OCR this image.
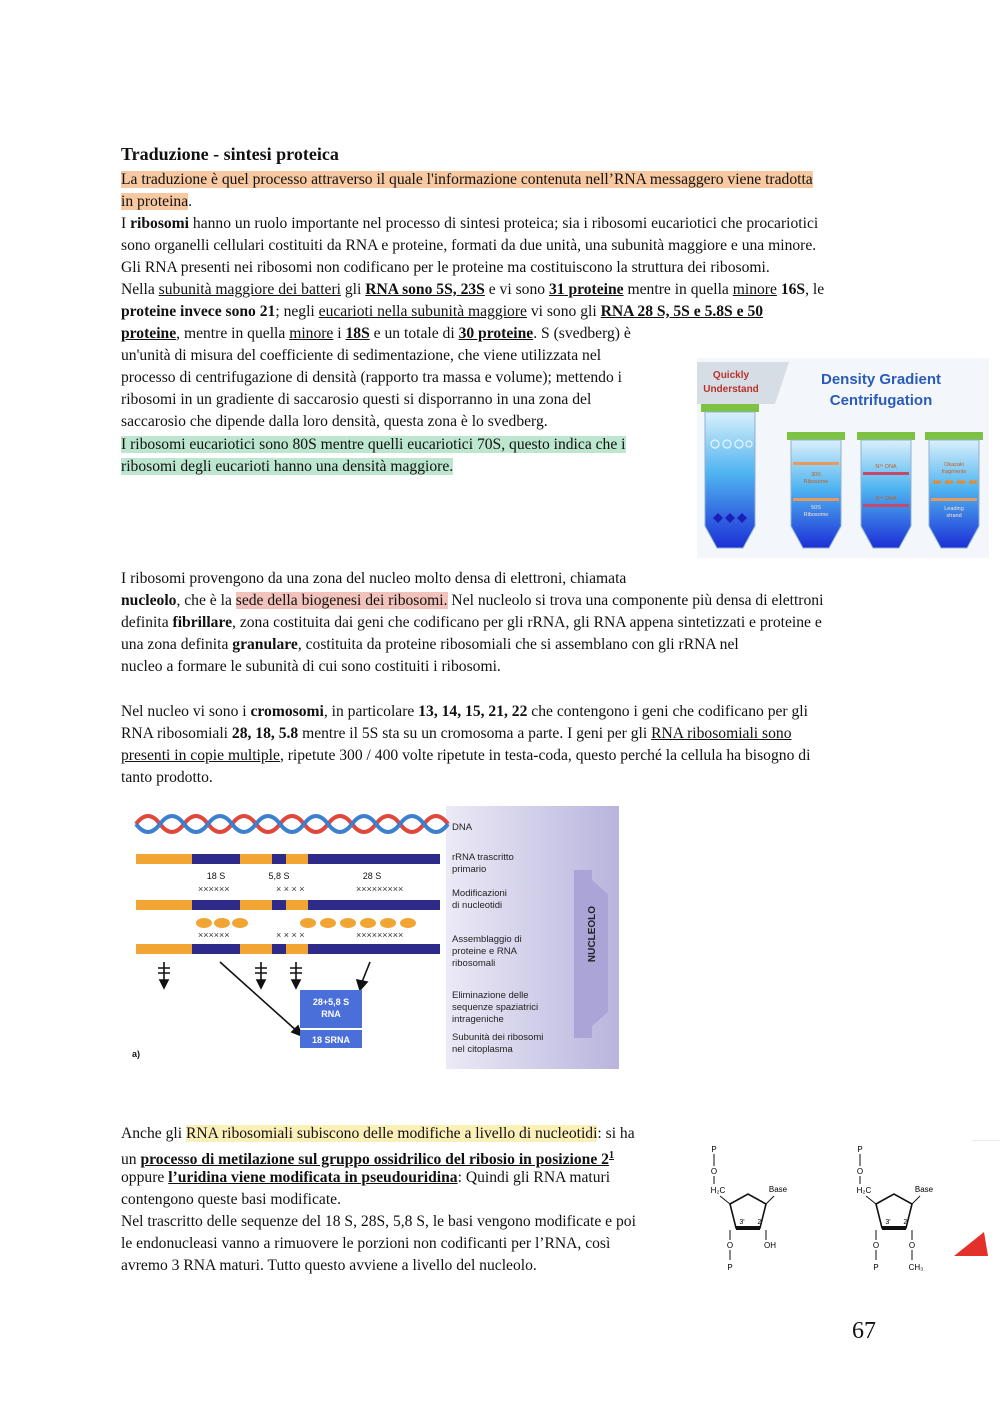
Traduzione - sintesi proteica
La traduzione è quel processo attraverso il quale l'informazione contenuta nell’RNA messaggero viene tradotta
in proteina.
I ribosomi hanno un ruolo importante nel processo di sintesi proteica; sia i ribosomi eucariotici che procariotici
sono organelli cellulari costituiti da RNA e proteine, formati da due unità, una subunità maggiore e una minore.
Gli RNA presenti nei ribosomi non codificano per le proteine ma costituiscono la struttura dei ribosomi.
Nella subunità maggiore dei batteri gli RNA sono 5S, 23S e vi sono 31 proteine mentre in quella minore 16S, le
proteine invece sono 21; negli eucarioti nella subunità maggiore vi sono gli RNA 28 S, 5S e 5.8S e 50
proteine, mentre in quella minore i 18S e un totale di 30 proteine. S (svedberg) è
un'unità di misura del coefficiente di sedimentazione, che viene utilizzata nel
processo di centrifugazione di densità (rapporto tra massa e volume); mettendo i
ribosomi in un gradiente di saccarosio questi si disporranno in una zona del
saccarosio che dipende dalla loro densità, questa zona è lo svedberg.
I ribosomi eucariotici sono 80S mentre quelli eucariotici 70S, questo indica che i
ribosomi degli eucarioti hanno una densità maggiore.
Quickly
Understand
Density Gradient
Centrifugation
30S
Ribosome
50S
Ribosome
N¹⁵ DNA
N¹⁴ DNA
Okazaki
fragments
Leading
strand
I ribosomi provengono da una zona del nucleo molto densa di elettroni, chiamata
nucleolo, che è la sede della biogenesi dei ribosomi. Nel nucleolo si trova una componente più densa di elettroni
definita fibrillare, zona costituita dai geni che codificano per gli rRNA, gli RNA appena sintetizzati e proteine e
una zona definita granulare, costituita da proteine ribosomiali che si assemblano con gli rRNA nel
nucleo a formare le subunità di cui sono costituiti i ribosomi.
Nel nucleo vi sono i cromosomi, in particolare 13, 14, 15, 21, 22 che contengono i geni che codificano per gli
RNA ribosomiali 28, 18, 5.8 mentre il 5S sta su un cromosoma a parte. I geni per gli RNA ribosomiali sono
presenti in copie multiple, ripetute 300 / 400 volte ripetute in testa-coda, questo perché la cellula ha bisogno di
tanto prodotto.
NUCLEOLO
18 S	5,8 S	28 S
××××××	× × × ×	×××××××××
××××××	× × × ×	×××××××××
28+5,8 S
RNA
18 SRNA
a)
DNA
rRNA trascritto
primario
Modificazioni
di nucleotidi
Assemblaggio di
proteine e RNA
ribosomali
Eliminazione delle
sequenze spaziatrici
intrageniche
Subunità dei ribosomi
nel citoplasma
Anche gli RNA ribosomiali subiscono delle modifiche a livello di nucleotidi: si ha
un processo di metilazione sul gruppo ossidrilico del ribosio in posizione $2^1$
oppure l’uridina viene modificata in pseudouridina: Quindi gli RNA maturi
contengono queste basi modificate.
Nel trascritto delle sequenze del 18 S, 28S, 5,8 S, le basi vengono modificate e poi
le endonucleasi vanno a rimuovere le porzioni non codificanti per l’RNA, così
avremo 3 RNA maturi. Tutto questo avviene a livello del nucleolo.
P
O
H₂C	Base
3' 2'
O
P
OH
P
O
H₂C	Base
3' 2'
O
P
O
CH₃
67
